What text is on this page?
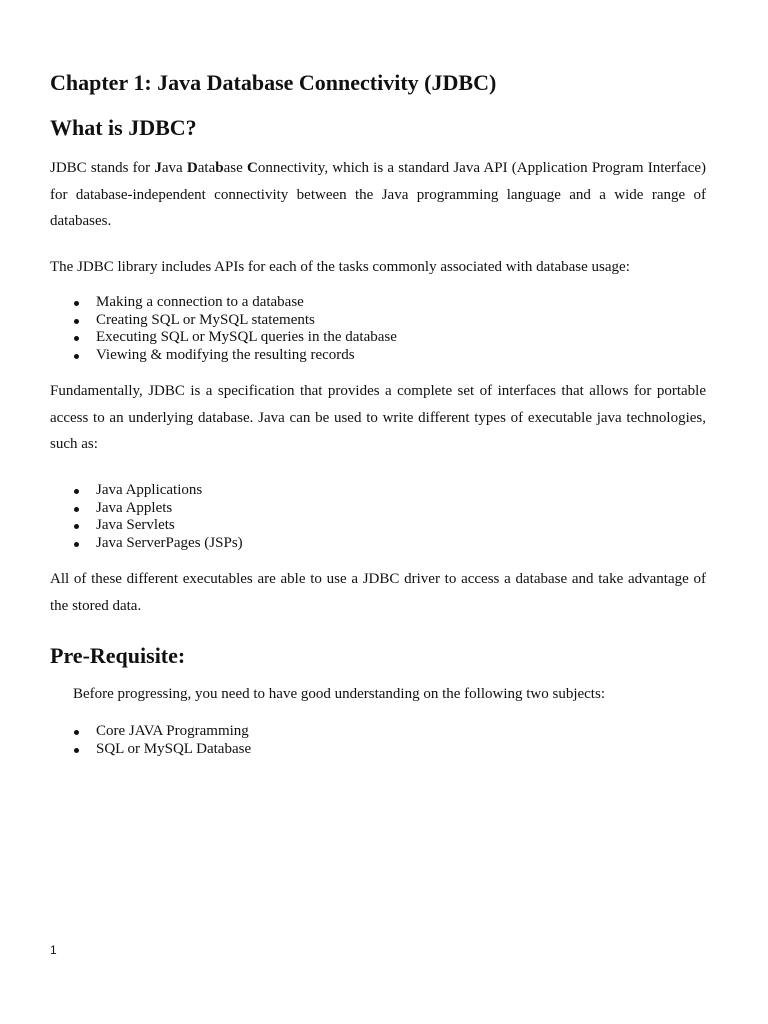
Chapter 1: Java Database Connectivity (JDBC)
What is JDBC?
JDBC stands for Java Database Connectivity, which is a standard Java API (Application Program Interface) for database-independent connectivity between the Java programming language and a wide range of databases.
The JDBC library includes APIs for each of the tasks commonly associated with database usage:
Making a connection to a database
Creating SQL or MySQL statements
Executing SQL or MySQL queries in the database
Viewing & modifying the resulting records
Fundamentally, JDBC is a specification that provides a complete set of interfaces that allows for portable access to an underlying database. Java can be used to write different types of executable java technologies, such as:
Java Applications
Java Applets
Java Servlets
Java ServerPages (JSPs)
All of these different executables are able to use a JDBC driver to access a database and take advantage of the stored data.
Pre-Requisite:
Before progressing, you need to have good understanding on the following two subjects:
Core JAVA Programming
SQL or MySQL Database
1
